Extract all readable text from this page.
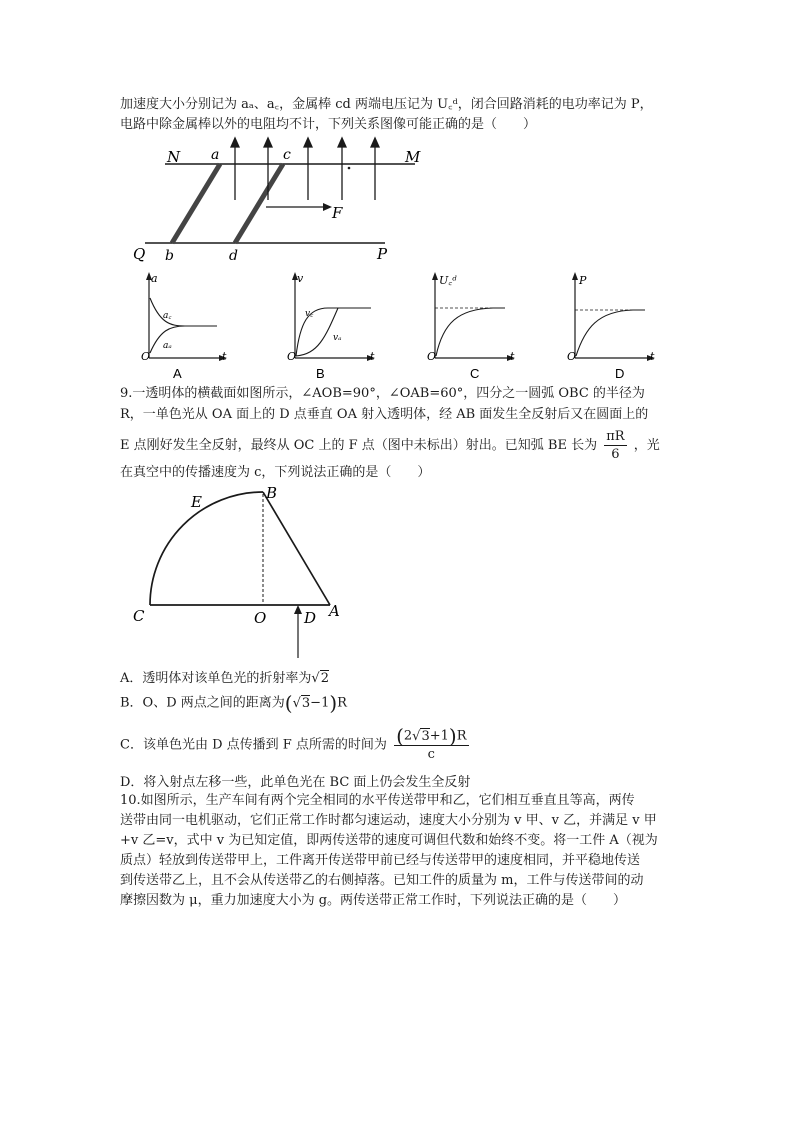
加速度大小分别记为 aₐ、a꜀，金属棒 cd 两端电压记为 U꜀ᵈ，闭合回路消耗的电功率记为 P，
电路中除金属棒以外的电阻均不计，下列关系图像可能正确的是（　　）
N a	c	M
F
Q b	d	P
a
t
O
a꜀
aₐ
A
v
t
O
v꜀
vₐ
B
U꜀ᵈ
t
O
C
P
t
O
D
9.一透明体的横截面如图所示，∠AOB=90°，∠OAB=60°，四分之一圆弧 OBC 的半径为
R，一单色光从 OA 面上的 D 点垂直 OA 射入透明体，经 AB 面发生全反射后又在圆面上的
E 点刚好发生全反射，最终从 OC 上的 F 点（图中未标出）射出。已知弧 BE 长为 $\frac{\pi R}{6}$ ，光
在真空中的传播速度为 c，下列说法正确的是（　　）
E	B
C	O	D A
A．透明体对该单色光的折射率为√2
B．O、D 两点之间的距离为(√3−1)R
C．该单色光由 D 点传播到 F 点所需的时间为 $\frac{(2√3+1)R}{c}$
D．将入射点左移一些，此单色光在 BC 面上仍会发生全反射
10.如图所示，生产车间有两个完全相同的水平传送带甲和乙，它们相互垂直且等高，两传
送带由同一电机驱动，它们正常工作时都匀速运动，速度大小分别为 v 甲、v 乙，并满足 v 甲
+v 乙=v，式中 v 为已知定值，即两传送带的速度可调但代数和始终不变。将一工件 A（视为
质点）轻放到传送带甲上，工件离开传送带甲前已经与传送带甲的速度相同，并平稳地传送
到传送带乙上，且不会从传送带乙的右侧掉落。已知工件的质量为 m，工件与传送带间的动
摩擦因数为 μ，重力加速度大小为 g。两传送带正常工作时，下列说法正确的是（　　）
